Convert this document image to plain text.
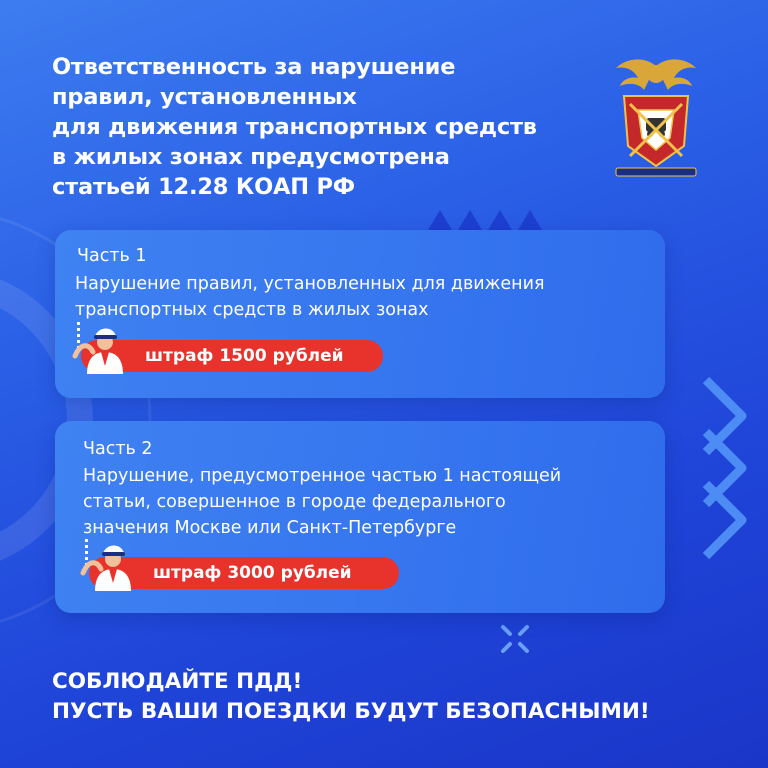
Ответственность за нарушение
правил, установленных
для движения транспортных средств
в жилых зонах предусмотрена
статьей 12.28 КОАП РФ
Часть 1
Нарушение правил, установленных для движения
транспортных средств в жилых зонах
штраф 1500 рублей
Часть 2
Нарушение, предусмотренное частью 1 настоящей
статьи, совершенное в городе федерального
значения Москве или Санкт-Петербурге
штраф 3000 рублей
СОБЛЮДАЙТЕ ПДД!
ПУСТЬ ВАШИ ПОЕЗДКИ БУДУТ БЕЗОПАСНЫМИ!
